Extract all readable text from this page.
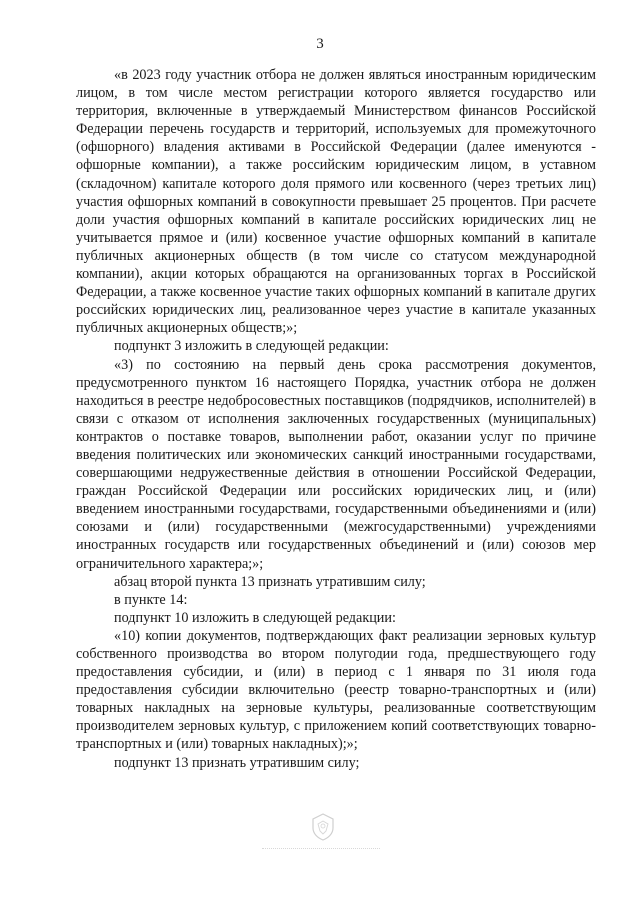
3

«в 2023 году участник отбора не должен являться иностранным юридическим лицом, в том числе местом регистрации которого является государство или территория, включенные в утверждаемый Министерством финансов Российской Федерации перечень государств и территорий, используемых для промежуточного (офшорного) владения активами в Российской Федерации (далее именуются - офшорные компании), а также российским юридическим лицом, в уставном (складочном) капитале которого доля прямого или косвенного (через третьих лиц) участия офшорных компаний в совокупности превышает 25 процентов. При расчете доли участия офшорных компаний в капитале российских юридических лиц не учитывается прямое и (или) косвенное участие офшорных компаний в капитале публичных акционерных обществ (в том числе со статусом международной компании), акции которых обращаются на организованных торгах в Российской Федерации, а также косвенное участие таких офшорных компаний в капитале других российских юридических лиц, реализованное через участие в капитале указанных публичных акционерных обществ;»;

подпункт 3 изложить в следующей редакции:

«3) по состоянию на первый день срока рассмотрения документов, предусмотренного пунктом 16 настоящего Порядка, участник отбора не должен находиться в реестре недобросовестных поставщиков (подрядчиков, исполнителей) в связи с отказом от исполнения заключенных государственных (муниципальных) контрактов о поставке товаров, выполнении работ, оказании услуг по причине введения политических или экономических санкций иностранными государствами, совершающими недружественные действия в отношении Российской Федерации, граждан Российской Федерации или российских юридических лиц, и (или) введением иностранными государствами, государственными объединениями и (или) союзами и (или) государственными (межгосударственными) учреждениями иностранных государств или государственных объединений и (или) союзов мер ограничительного характера;»;

абзац второй пункта 13 признать утратившим силу;

в пункте 14:

подпункт 10 изложить в следующей редакции:

«10) копии документов, подтверждающих факт реализации зерновых культур собственного производства во втором полугодии года, предшествующего году предоставления субсидии, и (или) в период с 1 января по 31 июля года предоставления субсидии включительно (реестр товарно-транспортных и (или) товарных накладных на зерновые культуры, реализованные соответствующим производителем зерновых культур, с приложением копий соответствующих товарно-транспортных и (или) товарных накладных);»;

подпункт 13 признать утратившим силу;
